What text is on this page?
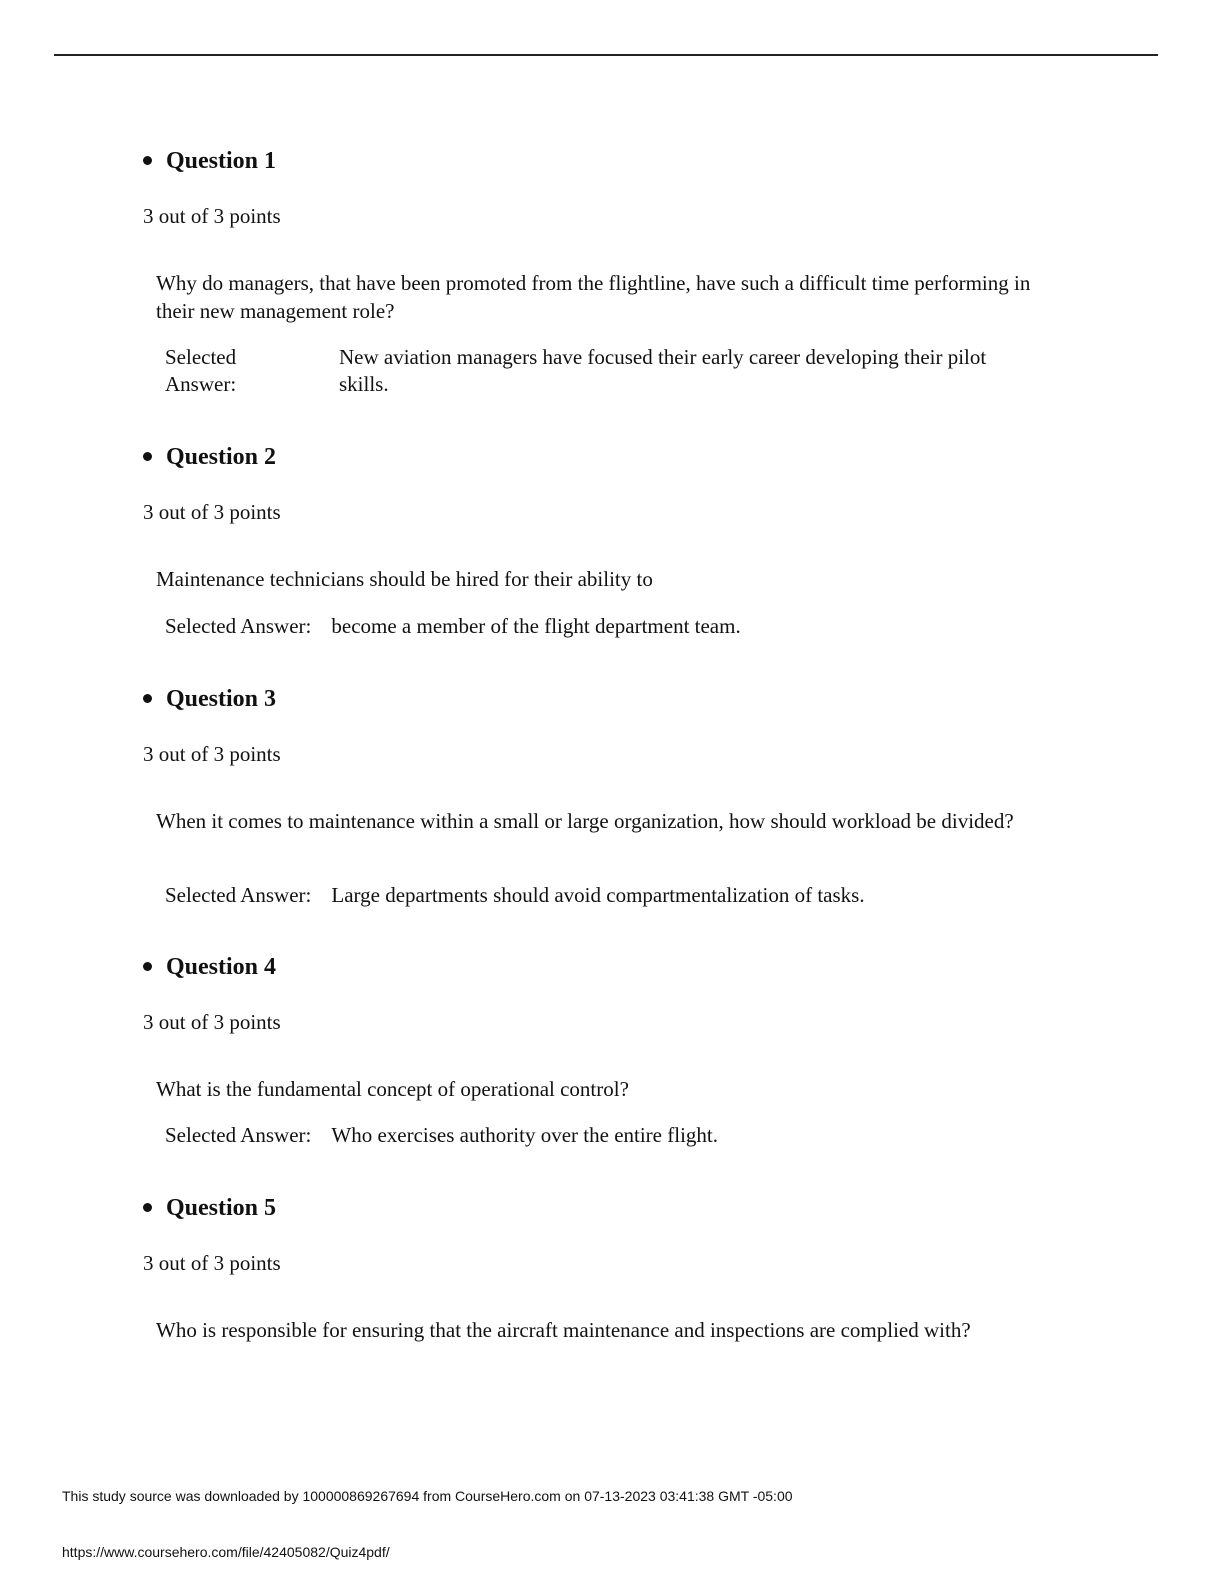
Question 1
3 out of 3 points
Why do managers, that have been promoted from the flightline, have such a difficult time performing in their new management role?
Selected Answer:
New aviation managers have focused their early career developing their pilot skills.
Question 2
3 out of 3 points
Maintenance technicians should be hired for their ability to
Selected Answer: become a member of the flight department team.
Question 3
3 out of 3 points
When it comes to maintenance within a small or large organization, how should workload be divided?
Selected Answer: Large departments should avoid compartmentalization of tasks.
Question 4
3 out of 3 points
What is the fundamental concept of operational control?
Selected Answer: Who exercises authority over the entire flight.
Question 5
3 out of 3 points
Who is responsible for ensuring that the aircraft maintenance and inspections are complied with?
This study source was downloaded by 100000869267694 from CourseHero.com on 07-13-2023 03:41:38 GMT -05:00
https://www.coursehero.com/file/42405082/Quiz4pdf/
